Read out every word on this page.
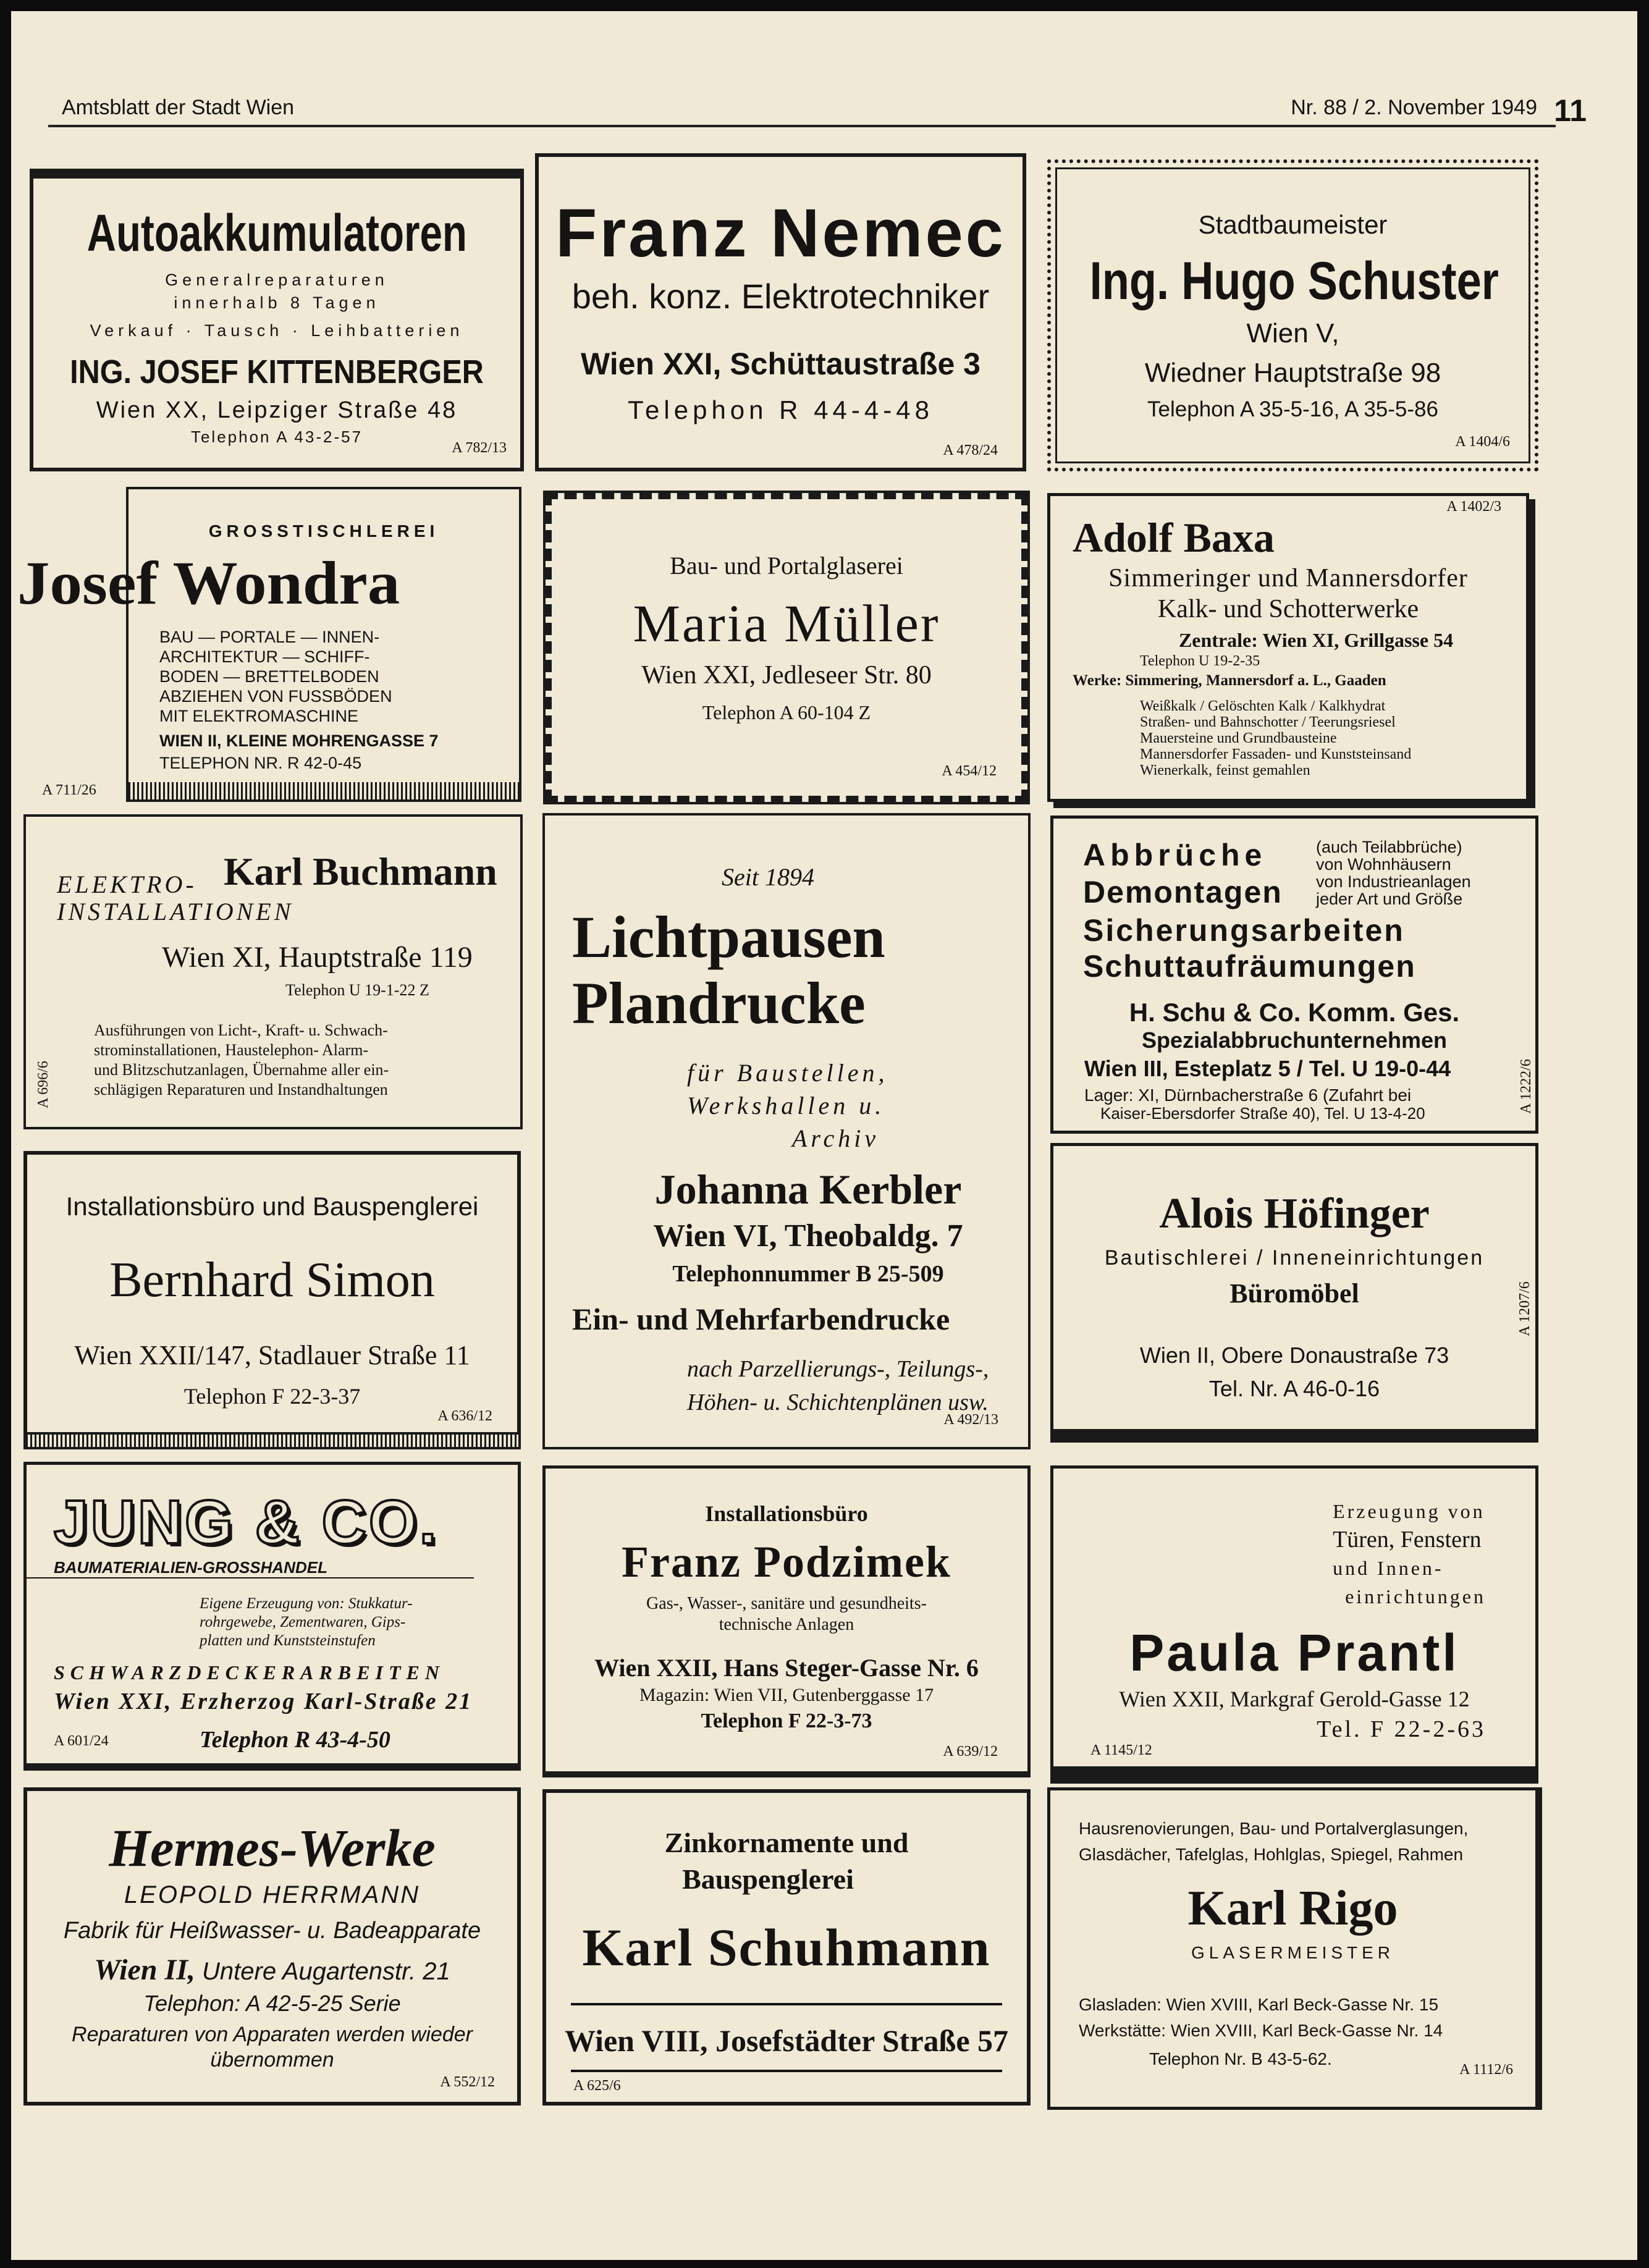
Amtsblatt der Stadt Wien	Nr. 88 / 2. November 1949 11
Autoakkumulatoren
Generalreparaturen
innerhalb 8 Tagen
Verkauf · Tausch · Leihbatterien
ING. JOSEF KITTENBERGER
Wien XX, Leipziger Straße 48
Telephon A 43-2-57
A 782/13
Franz Nemec
beh. konz. Elektrotechniker
Wien XXI, Schüttaustraße 3
Telephon R 44-4-48
A 478/24
Stadtbaumeister
Ing. Hugo Schuster
Wien V,
Wiedner Hauptstraße 98
Telephon A 35-5-16, A 35-5-86
A 1404/6
GROSSTISCHLEREI
Josef Wondra
BAU — PORTALE — INNEN-
ARCHITEKTUR — SCHIFF-
BODEN — BRETTELBODEN
ABZIEHEN VON FUSSBÖDEN
MIT ELEKTROMASCHINE
WIEN II, KLEINE MOHRENGASSE 7
TELEPHON NR. R 42-0-45
A 711/26
Bau- und Portalglaserei
Maria Müller
Wien XXI, Jedleseer Str. 80
Telephon A 60-104 Z
A 454/12
A 1402/3
Adolf Baxa
Simmeringer und Mannersdorfer
Kalk- und Schotterwerke
Zentrale: Wien XI, Grillgasse 54
Telephon U 19-2-35
Werke: Simmering, Mannersdorf a. L., Gaaden
Weißkalk / Gelöschten Kalk / Kalkhydrat
Straßen- und Bahnschotter / Teerungsriesel
Mauersteine und Grundbausteine
Mannersdorfer Fassaden- und Kunststeinsand
Wienerkalk, feinst gemahlen
ELEKTRO- Karl Buchmann
INSTALLATIONEN
Wien XI, Hauptstraße 119
Telephon U 19-1-22 Z
Ausführungen von Licht-, Kraft- u. Schwach-
strominstallationen, Haustelephon- Alarm-
und Blitzschutzanlagen, Übernahme aller ein-
schlägigen Reparaturen und Instandhaltungen
A 696/6
Seit 1894
Lichtpausen
Plandrucke
für Baustellen,
Werkshallen u.
Archiv
Johanna Kerbler
Wien VI, Theobaldg. 7
Telephonnummer B 25-509
Ein- und Mehrfarbendrucke
nach Parzellierungs-, Teilungs-,
Höhen- u. Schichtenplänen usw.
A 492/13
Abbrüche
Demontagen
(auch Teilabbrüche)
von Wohnhäusern
von Industrieanlagen
jeder Art und Größe
Sicherungsarbeiten
Schuttaufräumungen
H. Schu & Co. Komm. Ges.
Spezialabbruchunternehmen
Wien III, Esteplatz 5 / Tel. U 19-0-44
Lager: XI, Dürnbacherstraße 6 (Zufahrt bei
Kaiser-Ebersdorfer Straße 40), Tel. U 13-4-20	A 1222/6
Installationsbüro und Bauspenglerei
Bernhard Simon
Wien XXII/147, Stadlauer Straße 11
Telephon F 22-3-37
A 636/12
Alois Höfinger
Bautischlerei / Inneneinrichtungen
Büromöbel
Wien II, Obere Donaustraße 73
Tel. Nr. A 46-0-16
A 1207/6
JUNG & CO.
BAUMATERIALIEN-GROSSHANDEL
Eigene Erzeugung von: Stukkatur-
rohrgewebe, Zementwaren, Gips-
platten und Kunststeinstufen
SCHWARZDECKERARBEITEN
Wien XXI, Erzherzog Karl-Straße 21
A 601/24	Telephon R 43-4-50
Installationsbüro
Franz Podzimek
Gas-, Wasser-, sanitäre und gesundheits-
technische Anlagen
Wien XXII, Hans Steger-Gasse Nr. 6
Magazin: Wien VII, Gutenberggasse 17
Telephon F 22-3-73
A 639/12
Erzeugung von
Türen, Fenstern
und Innen-
einrichtungen
Paula Prantl
Wien XXII, Markgraf Gerold-Gasse 12
Tel. F 22-2-63
A 1145/12
Hermes-Werke
LEOPOLD HERRMANN
Fabrik für Heißwasser- u. Badeapparate
Wien II, Untere Augartenstr. 21
Telephon: A 42-5-25 Serie
Reparaturen von Apparaten werden wieder
übernommen
A 552/12
Zinkornamente und
Bauspenglerei
Karl Schuhmann
Wien VIII, Josefstädter Straße 57
A 625/6
Hausrenovierungen, Bau- und Portalverglasungen,
Glasdächer, Tafelglas, Hohlglas, Spiegel, Rahmen
Karl Rigo
GLASERMEISTER
Glasladen: Wien XVIII, Karl Beck-Gasse Nr. 15
Werkstätte: Wien XVIII, Karl Beck-Gasse Nr. 14
Telephon Nr. B 43-5-62.
A 1112/6
